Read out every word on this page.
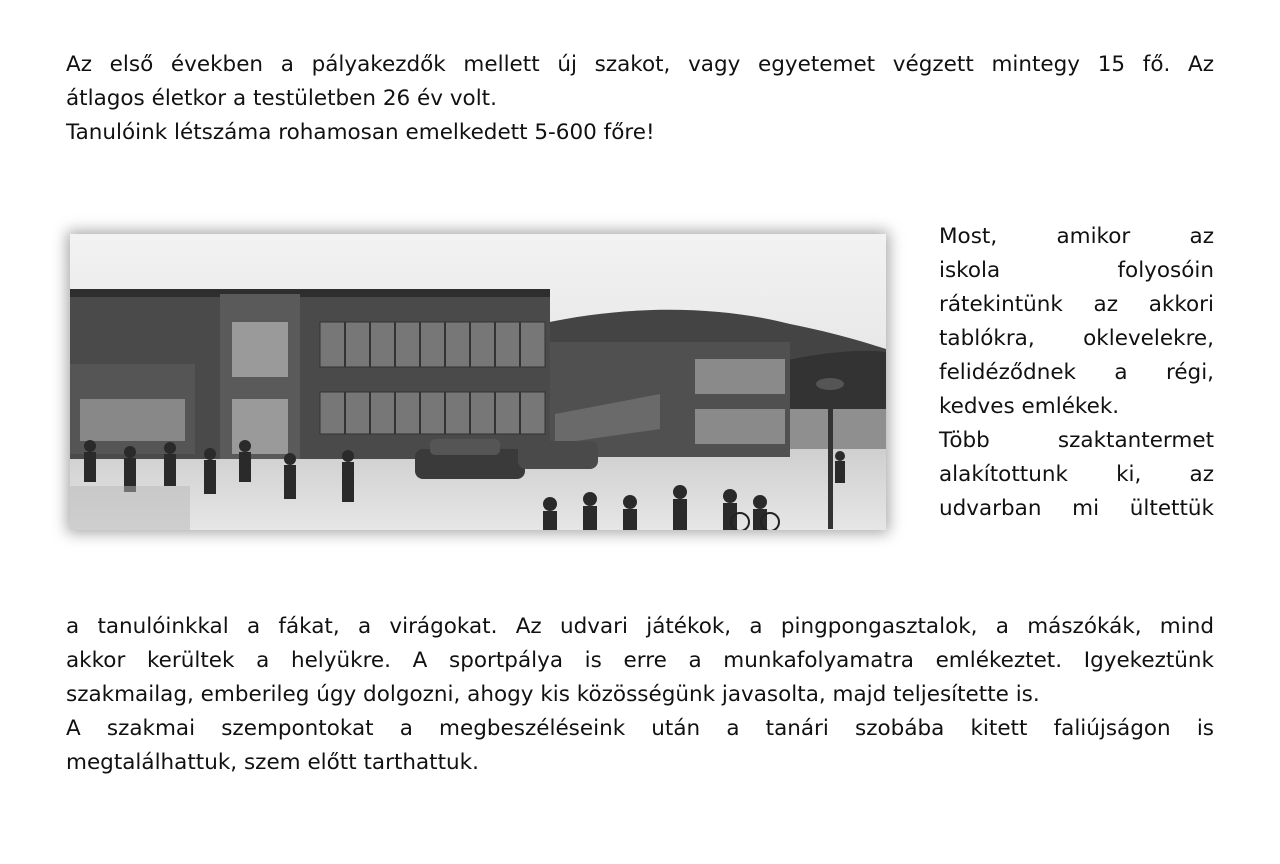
Az első években a pályakezdők mellett új szakot, vagy egyetemet végzett mintegy 15 fő. Az
átlagos életkor a testületben 26 év volt.
Tanulóink létszáma rohamosan emelkedett 5-600 főre!
Most, amikor az
iskola folyosóin
rátekintünk az akkori
tablókra, oklevelekre,
felidéződnek a régi,
kedves emlékek.
Több szaktantermet
alakítottunk ki, az
udvarban mi ültettük
a tanulóinkkal a fákat, a virágokat. Az udvari játékok, a pingpongasztalok, a mászókák, mind
akkor kerültek a helyükre. A sportpálya is erre a munkafolyamatra emlékeztet. Igyekeztünk
szakmailag, emberileg úgy dolgozni, ahogy kis közösségünk javasolta, majd teljesítette is.
A szakmai szempontokat a megbeszéléseink után a tanári szobába kitett faliújságon is
megtalálhattuk, szem előtt tarthattuk.
